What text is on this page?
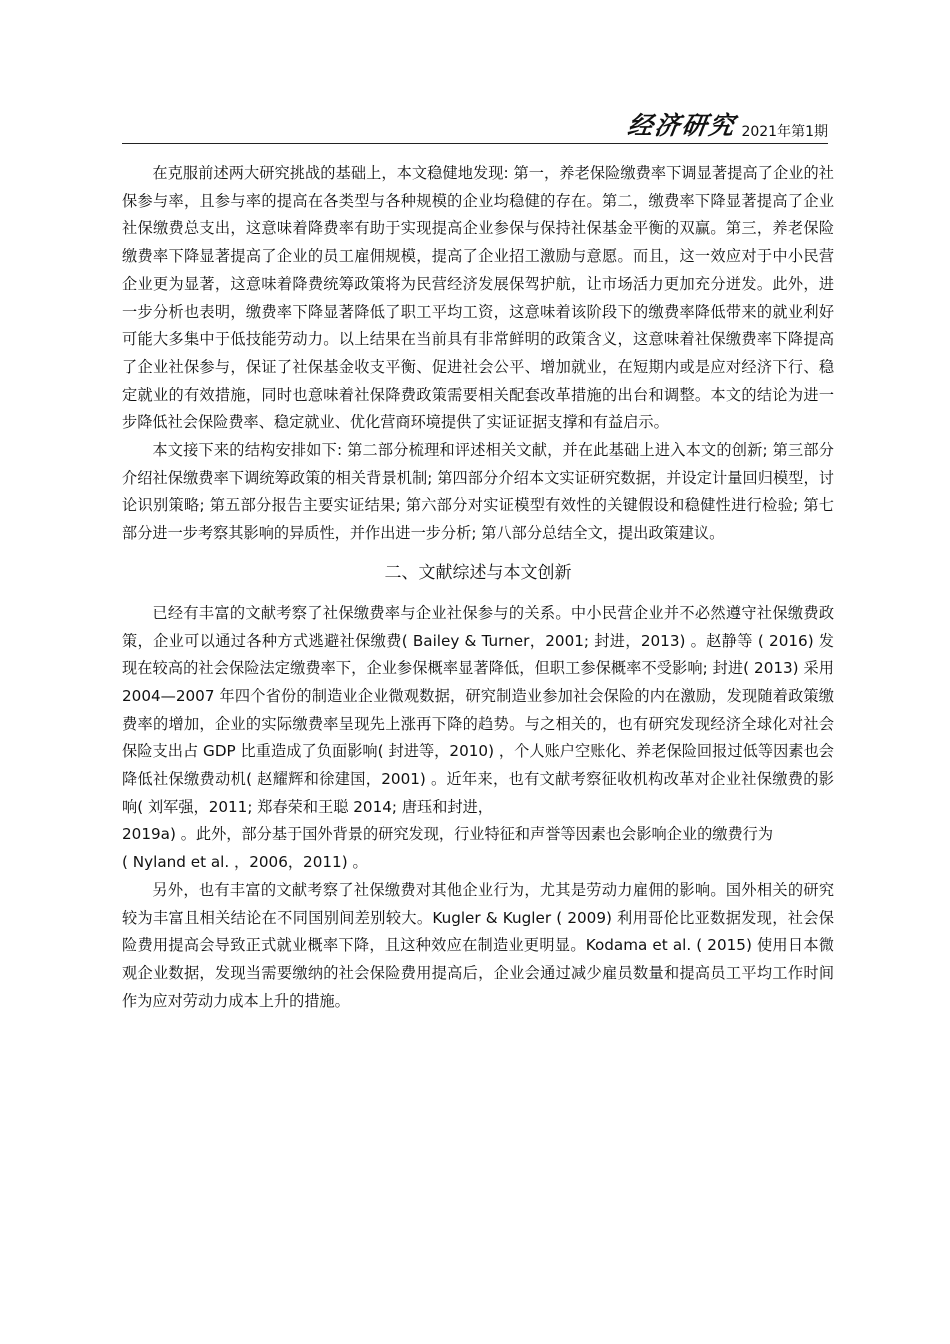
经济研究 2021年第1期

在克服前述两大研究挑战的基础上，本文稳健地发现: 第一，养老保险缴费率下调显著提高了企业的社保参与率，且参与率的提高在各类型与各种规模的企业均稳健的存在。第二，缴费率下降显著提高了企业社保缴费总支出，这意味着降费率有助于实现提高企业参保与保持社保基金平衡的双赢。第三，养老保险缴费率下降显著提高了企业的员工雇佣规模，提高了企业招工激励与意愿。而且，这一效应对于中小民营企业更为显著，这意味着降费统筹政策将为民营经济发展保驾护航，让市场活力更加充分迸发。此外，进一步分析也表明，缴费率下降显著降低了职工平均工资，这意味着该阶段下的缴费率降低带来的就业利好可能大多集中于低技能劳动力。以上结果在当前具有非常鲜明的政策含义，这意味着社保缴费率下降提高了企业社保参与，保证了社保基金收支平衡、促进社会公平、增加就业，在短期内或是应对经济下行、稳定就业的有效措施，同时也意味着社保降费政策需要相关配套改革措施的出台和调整。本文的结论为进一步降低社会保险费率、稳定就业、优化营商环境提供了实证证据支撑和有益启示。

本文接下来的结构安排如下: 第二部分梳理和评述相关文献，并在此基础上进入本文的创新; 第三部分介绍社保缴费率下调统筹政策的相关背景机制; 第四部分介绍本文实证研究数据，并设定计量回归模型，讨论识别策略; 第五部分报告主要实证结果; 第六部分对实证模型有效性的关键假设和稳健性进行检验; 第七部分进一步考察其影响的异质性，并作出进一步分析; 第八部分总结全文，提出政策建议。

二、文献综述与本文创新

已经有丰富的文献考察了社保缴费率与企业社保参与的关系。中小民营企业并不必然遵守社保缴费政策，企业可以通过各种方式逃避社保缴费( Bailey & Turner，2001; 封进，2013) 。赵静等 ( 2016) 发现在较高的社会保险法定缴费率下，企业参保概率显著降低，但职工参保概率不受影响; 封进( 2013) 采用 2004—2007 年四个省份的制造业企业微观数据，研究制造业参加社会保险的内在激励，发现随着政策缴费率的增加，企业的实际缴费率呈现先上涨再下降的趋势。与之相关的，也有研究发现经济全球化对社会保险支出占 GDP 比重造成了负面影响( 封进等，2010) ，个人账户空账化、养老保险回报过低等因素也会降低社保缴费动机( 赵耀辉和徐建国，2001) 。近年来，也有文献考察征收机构改革对企业社保缴费的影响( 刘军强，2011; 郑春荣和王聪 2014; 唐珏和封进，

2019a) 。此外，部分基于国外背景的研究发现，行业特征和声誉等因素也会影响企业的缴费行为

( Nyland et al. ，2006，2011) 。

另外，也有丰富的文献考察了社保缴费对其他企业行为，尤其是劳动力雇佣的影响。国外相关的研究较为丰富且相关结论在不同国别间差别较大。Kugler & Kugler ( 2009) 利用哥伦比亚数据发现，社会保险费用提高会导致正式就业概率下降，且这种效应在制造业更明显。Kodama et al. ( 2015) 使用日本微观企业数据，发现当需要缴纳的社会保险费用提高后，企业会通过减少雇员数量和提高员工平均工作时间作为应对劳动力成本上升的措施。
